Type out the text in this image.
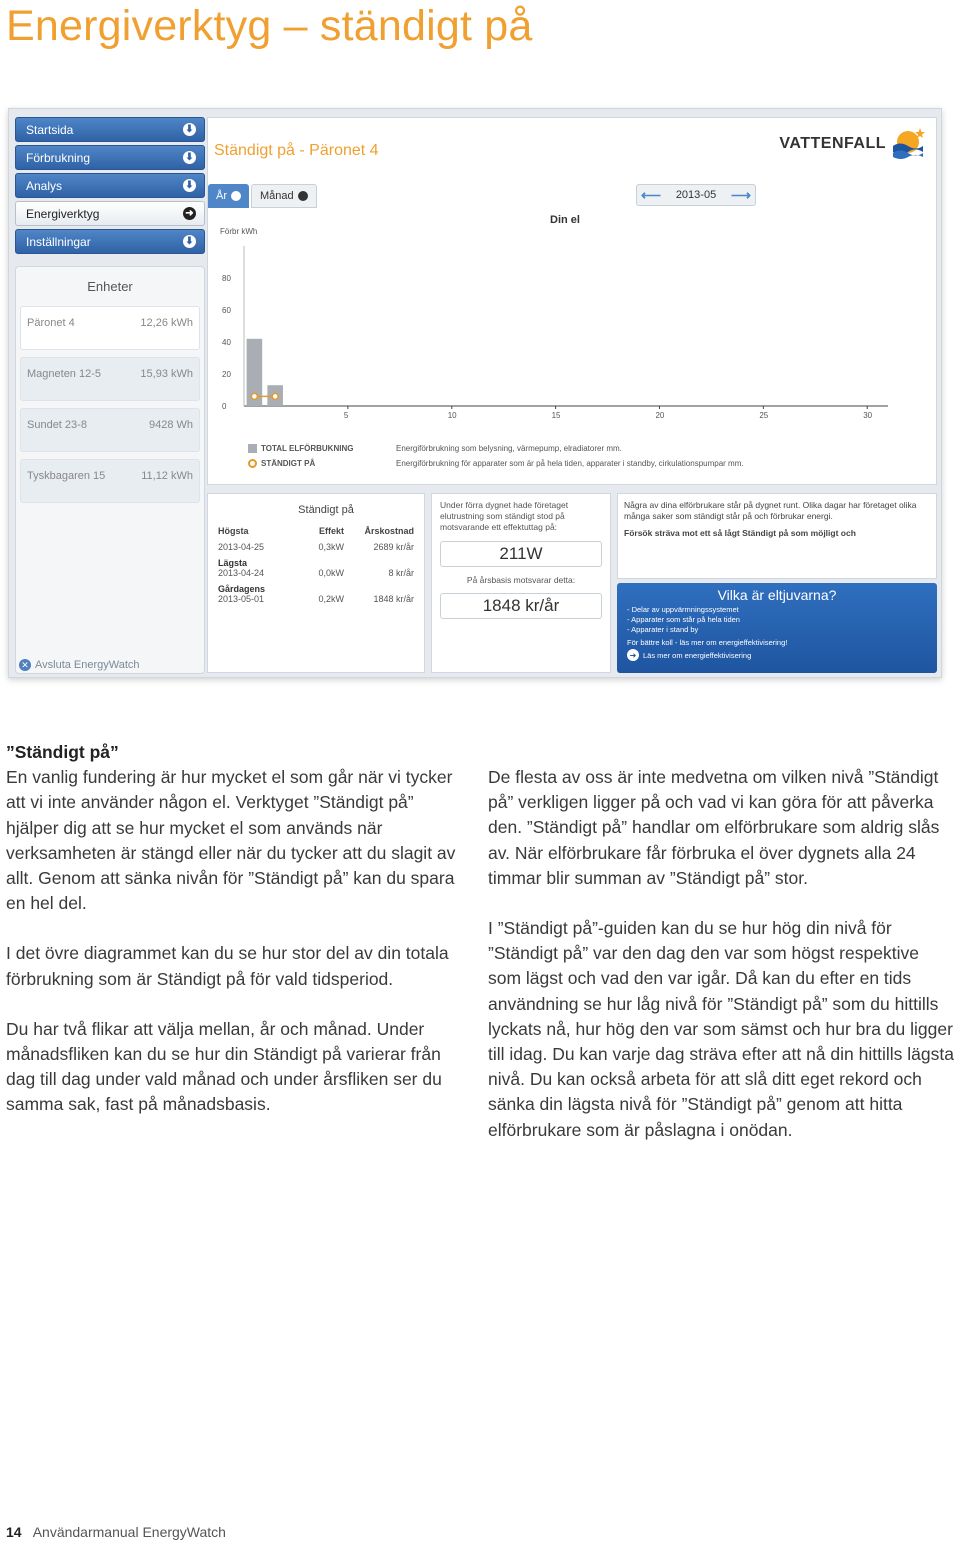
Energiverktyg – ständigt på
Startsida	⬇
Förbrukning	⬇
Analys	⬇
Energiverktyg	➜
Inställningar	⬇
Enheter
Päronet 4	12,26 kWh
Magneten 12-5	15,93 kWh
Sundet 23-8	9428 Wh
Tyskbagaren 15	11,12 kWh
✕ Avsluta EnergyWatch
Ständigt på - Päronet 4	VATTENFALL
År	Månad	⟵ 2013-05 ⟶
Din el
Förbr kWh
0
20
40
60
80
5	10	15	20	25	30
TOTAL ELFÖRBUKNING	Energiförbrukning som belysning, värmepump, elradiatorer mm.
STÄNDIGT PÅ	Energiförbrukning för apparater som är på hela tiden, apparater i standby, cirkulationspumpar mm.
Ständigt på
Högsta	Effekt	Årskostnad
2013-04-25	0,3kW	2689 kr/år
Lägsta
2013-04-24	0,0kW	8 kr/år
Gårdagens
2013-05-01	0,2kW	1848 kr/år
Under förra dygnet hade företaget elutrustning som ständigt stod på motsvarande ett effektuttag på:
211W
På årsbasis motsvarar detta:
1848 kr/år
Några av dina elförbrukare står på dygnet runt. Olika dagar har företaget olika många saker som ständigt står på och förbrukar energi.
Försök sträva mot ett så lågt Ständigt på som möjligt och
Vilka är eltjuvarna?
- Delar av uppvärmningssystemet
- Apparater som står på hela tiden
- Apparater i stand by
För bättre koll - läs mer om energieffektivisering!
➜ Läs mer om energieffektivisering
”Ständigt på”

En vanlig fundering är hur mycket el som går när vi tycker att vi inte använder någon el. Verktyget ”Ständigt på” hjälper dig att se hur mycket el som används när verksamheten är stängd eller när du tycker att du slagit av allt. Genom att sänka nivån för ”Ständigt på” kan du spara en hel del.

I det övre diagrammet kan du se hur stor del av din totala förbrukning som är Ständigt på för vald tidsperiod.

Du har två flikar att välja mellan, år och månad. Under månadsfliken kan du se hur din Ständigt på varierar från dag till dag under vald månad och under årsfliken ser du samma sak, fast på månadsbasis.

De flesta av oss är inte medvetna om vilken nivå ”Ständigt på” verkligen ligger på och vad vi kan göra för att påverka den. ”Ständigt på” handlar om elförbrukare som aldrig slås av. När elförbrukare får förbruka el över dygnets alla 24 timmar blir summan av ”Ständigt på” stor.

I ”Ständigt på”-guiden kan du se hur hög din nivå för ”Ständigt på” var den dag den var som högst respektive som lägst och vad den var igår. Då kan du efter en tids användning se hur låg nivå för ”Ständigt på” som du hittills lyckats nå, hur hög den var som sämst och hur bra du ligger till idag. Du kan varje dag sträva efter att nå din hittills lägsta nivå. Du kan också arbeta för att slå ditt eget rekord och sänka din lägsta nivå för ”Ständigt på” genom att hitta elförbrukare som är påslagna i onödan.

14 Användarmanual EnergyWatch
